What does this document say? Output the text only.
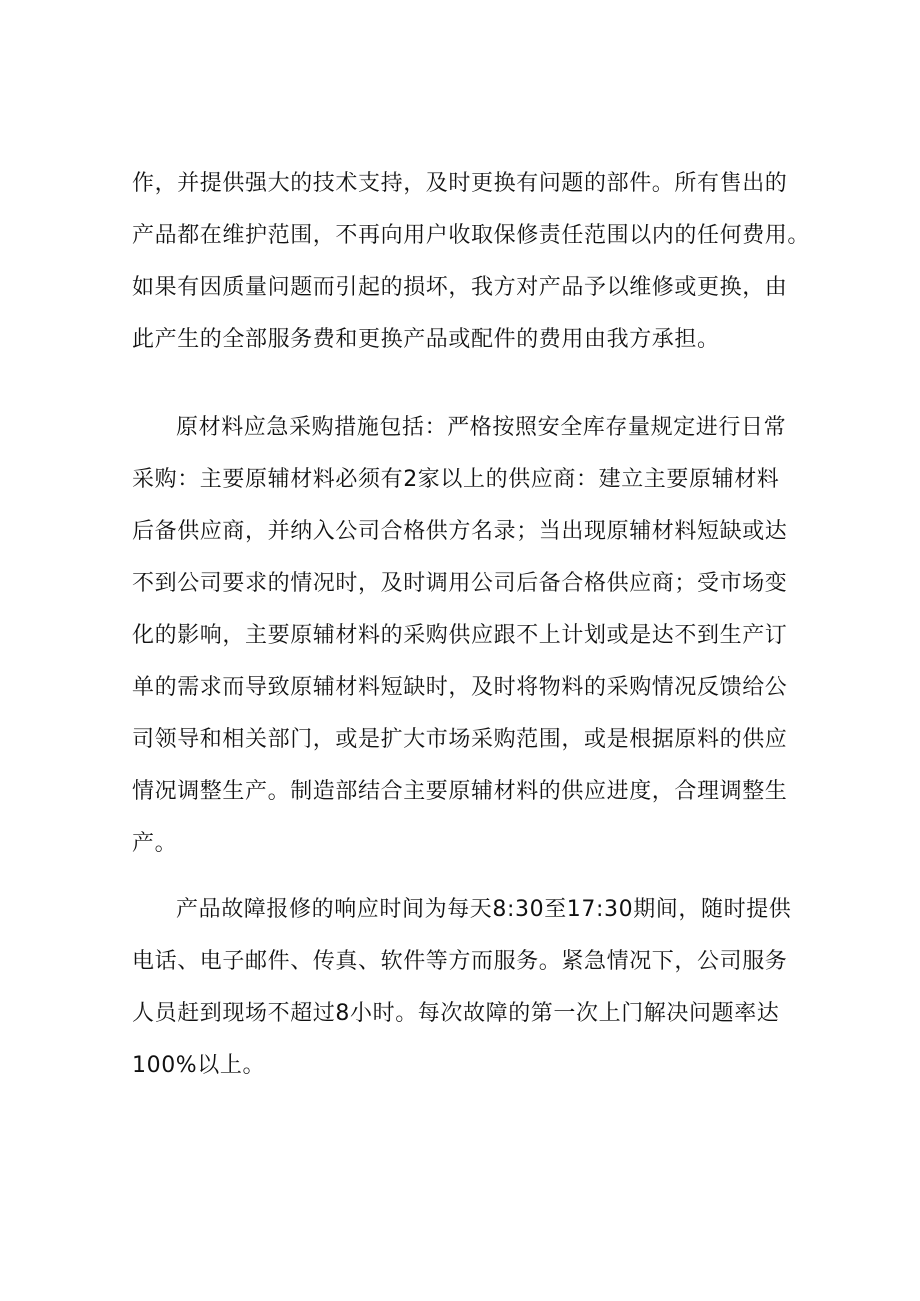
作，并提供强大的技术支持，及时更换有问题的部件。所有售出的
产品都在维护范围，不再向用户收取保修责任范围以内的任何费用。
如果有因质量问题而引起的损坏，我方对产品予以维修或更换，由
此产生的全部服务费和更换产品或配件的费用由我方承担。
原材料应急采购措施包括：严格按照安全库存量规定进行日常
采购：主要原辅材料必须有2家以上的供应商：建立主要原辅材料
后备供应商，并纳入公司合格供方名录；当出现原辅材料短缺或达
不到公司要求的情况时，及时调用公司后备合格供应商；受市场变
化的影响，主要原辅材料的采购供应跟不上计划或是达不到生产订
单的需求而导致原辅材料短缺时，及时将物料的采购情况反馈给公
司领导和相关部门，或是扩大市场采购范围，或是根据原料的供应
情况调整生产。制造部结合主要原辅材料的供应进度，合理调整生
产。
产品故障报修的响应时间为每天8:30至17:30期间，随时提供
电话、电子邮件、传真、软件等方而服务。紧急情况下，公司服务
人员赶到现场不超过8小时。每次故障的第一次上门解决问题率达
100%以上。
